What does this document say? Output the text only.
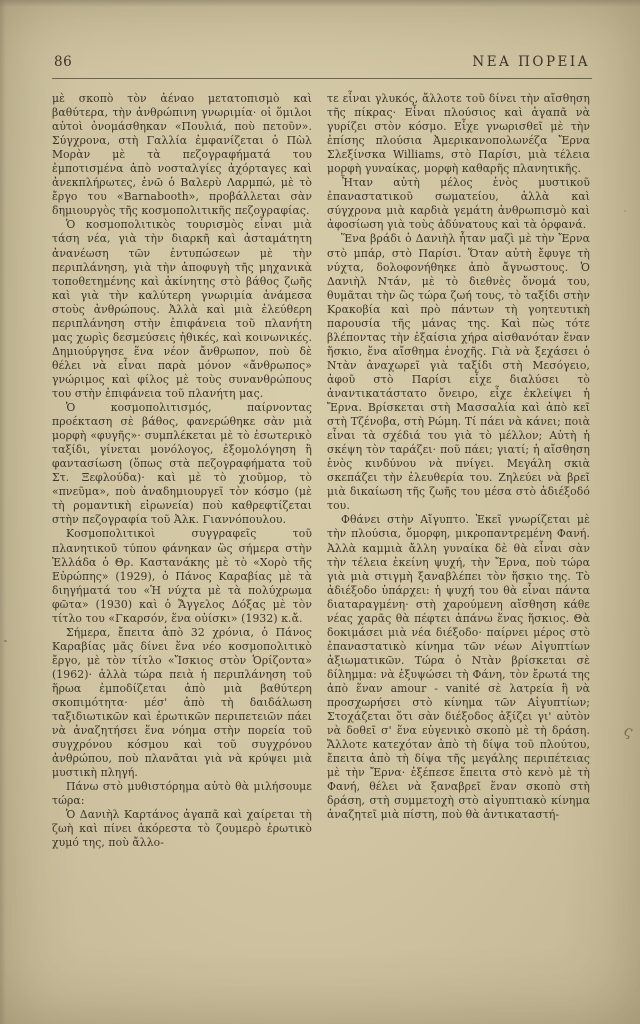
86	ΝΕΑ ΠΟΡΕΙΑ

μὲ σκοπὸ τὸν ἀέναο μετατοπισμὸ καὶ βαθύτερα, τὴν ἀνθρώπινη γνωριμία· οἱ ὅμιλοι αὐτοὶ ὀνομάσθηκαν «Πουλιά, ποὺ πετοῦν». Σύγχρονα, στὴ Γαλλία ἐμφανίζεται ὁ Πὼλ Μορὰν μὲ τὰ πεζογραφήματά του ἐμποτισμένα ἀπὸ νοσταλγίες ἀχόρταγες καὶ ἀνεκπλήρωτες, ἐνῶ ὁ Βαλερὺ Λαρμπώ, μὲ τὸ ἔργο του «Barnabooth», προβάλλεται σὰν δημιουργὸς τῆς κοσμοπολιτικῆς πεζογραφίας.

Ὁ κοσμοπολιτικὸς τουρισμὸς εἶναι μιὰ τάση νέα, γιὰ τὴν διαρκῆ καὶ ἀσταμάτητη ἀνανέωση τῶν ἐντυπώσεων μὲ τὴν περιπλάνηση, γιὰ τὴν ἀποφυγὴ τῆς μηχανικὰ τοποθετημένης καὶ ἀκίνητης στὸ βάθος ζωῆς καὶ γιὰ τὴν καλύτερη γνωριμία ἀνάμεσα στοὺς ἀνθρώπους. Ἀλλὰ καὶ μιὰ ἐλεύθερη περιπλάνηση στὴν ἐπιφάνεια τοῦ πλανήτη μας χωρὶς δεσμεύσεις ἠθικές, καὶ κοινωνικές. Δημιούργησε ἕνα νέον ἄνθρωπον, ποὺ δὲ θέλει νὰ εἶναι παρὰ μόνον «ἄνθρωπος» γνώριμος καὶ φίλος μὲ τοὺς συνανθρώπους του στὴν ἐπιφάνεια τοῦ πλανήτη μας.

Ὁ κοσμοπολιτισμός, παίρνοντας προέκταση σὲ βάθος, φανερώθηκε σὰν μιὰ μορφὴ «φυγῆς»· συμπλέκεται μὲ τὸ ἐσωτερικὸ ταξίδι, γίνεται μονόλογος, ἐξομολόγηση ἢ φαντασίωση (ὅπως στὰ πεζογραφήματα τοῦ Στ. Ξεφλούδα)· καὶ μὲ τὸ χιοῦμορ, τὸ «πνεῦμα», ποὺ ἀναδημιουργεῖ τὸν κόσμο (μὲ τὴ ρομαντικὴ εἰρωνεία) ποὺ καθρεφτίζεται στὴν πεζογραφία τοῦ Ἀλκ. Γιαννόπουλου.

Κοσμοπολιτικοὶ συγγραφεῖς τοῦ πλανητικοῦ τύπου φάνηκαν ὣς σήμερα στὴν Ἑλλάδα ὁ Θρ. Καστανάκης μὲ τὸ «Χορὸ τῆς Εὐρώπης» (1929), ὁ Πάνος Καραβίας μὲ τὰ διηγήματά του «Ἡ νύχτα μὲ τὰ πολύχρωμα φῶτα» (1930) καὶ ὁ Ἄγγελος Δόξας μὲ τὸν τίτλο του «Γκαρσόν, ἕνα οὐίσκι» (1932) κ.ἄ.

Σήμερα, ἔπειτα ἀπὸ 32 χρόνια, ὁ Πάνος Καραβίας μᾶς δίνει ἕνα νέο κοσμοπολιτικὸ ἔργο, μὲ τὸν τίτλο «Ἴσκιος στὸν Ὁρίζοντα» (1962)· ἀλλὰ τώρα πειὰ ἡ περιπλάνηση τοῦ ἥρωα ἐμποδίζεται ἀπὸ μιὰ βαθύτερη σκοπιμότητα· μέσ' ἀπὸ τὴ δαιδάλωση ταξιδιωτικῶν καὶ ἐρωτικῶν περιπετειῶν πάει νὰ ἀναζητήσει ἕνα νόημα στὴν πορεία τοῦ συγχρόνου κόσμου καὶ τοῦ συγχρόνου ἀνθρώπου, ποὺ πλανᾶται γιὰ νὰ κρύψει μιὰ μυστικὴ πληγή.

Πάνω στὸ μυθιστόρημα αὐτὸ θὰ μιλήσουμε τώρα:

Ὁ Δανιὴλ Καρτάνος ἀγαπᾶ καὶ χαίρεται τὴ ζωὴ καὶ πίνει ἀκόρεστα τὸ ζουμερὸ ἐρωτικὸ χυμό της, ποὺ ἄλλο-

τε εἶναι γλυκός, ἄλλοτε τοῦ δίνει τὴν αἴσθηση τῆς πίκρας· Εἶναι πλούσιος καὶ ἀγαπᾶ νὰ γυρίζει στὸν κόσμο. Εἶχε γνωρισθεῖ μὲ τὴν ἐπίσης πλούσια Ἀμερικανοπολωνέζα Ἔρνα Σλεξίνσκα Williams, στὸ Παρίσι, μιὰ τέλεια μορφὴ γυναίκας, μορφὴ καθαρῆς πλανητικῆς.

Ἦταν αὐτὴ μέλος ἑνὸς μυστικοῦ ἐπαναστατικοῦ σωματείου, ἀλλὰ καὶ σύγχρονα μιὰ καρδιὰ γεμάτη ἀνθρωπισμὸ καὶ ἀφοσίωση γιὰ τοὺς ἀδύνατους καὶ τὰ ὀρφανά.

Ἕνα βράδι ὁ Δανιὴλ ἦταν μαζὶ μὲ τὴν Ἔρνα στὸ μπάρ, στὸ Παρίσι. Ὅταν αὐτὴ ἔφυγε τὴ νύχτα, δολοφονήθηκε ἀπὸ ἄγνωστους. Ὁ Δανιὴλ Ντάν, μὲ τὸ διεθνὲς ὄνομά του, θυμᾶται τὴν ὣς τώρα ζωή τους, τὸ ταξίδι στὴν Κρακοβία καὶ πρὸ πάντων τὴ γοητευτικὴ παρουσία τῆς μάνας της. Καὶ πὼς τότε βλέποντας τὴν ἐξαίσια χήρα αἰσθανόταν ἕναν ἥσκιο, ἕνα αἴσθημα ἐνοχῆς. Γιὰ νὰ ξεχάσει ὁ Ντὰν ἀναχωρεῖ γιὰ ταξίδι στὴ Μεσόγειο, ἀφοῦ στὸ Παρίσι εἶχε διαλύσει τὸ ἀναντικατάστατο ὄνειρο, εἶχε ἐκλείψει ἡ Ἔρνα. Βρίσκεται στὴ Μασσαλία καὶ ἀπὸ κεῖ στὴ Τζένοβα, στὴ Ρώμη. Τί πάει νὰ κάνει; ποιὰ εἶναι τὰ σχέδιά του γιὰ τὸ μέλλον; Αὐτὴ ἡ σκέψη τὸν ταράζει· ποῦ πάει; γιατί; ἡ αἴσθηση ἑνὸς κινδύνου νὰ πνίγει. Μεγάλη σκιὰ σκεπάζει τὴν ἐλευθερία του. Ζηλεύει νὰ βρεῖ μιὰ δικαίωση τῆς ζωῆς του μέσα στὸ ἀδιέξοδό του.

Φθάνει στὴν Αἴγυπτο. Ἐκεῖ γνωρίζεται μὲ τὴν πλούσια, ὄμορφη, μικροπαντρεμένη Φανή. Ἀλλὰ καμμιὰ ἄλλη γυναίκα δὲ θὰ εἶναι σὰν τὴν τέλεια ἐκείνη ψυχή, τὴν Ἔρνα, ποὺ τώρα γιὰ μιὰ στιγμὴ ξαναβλέπει τὸν ἥσκιο της. Τὸ ἀδιέξοδο ὑπάρχει: ἡ ψυχή του θὰ εἶναι πάντα διαταραγμένη· στὴ χαρούμενη αἴσθηση κάθε νέας χαρᾶς θὰ πέφτει ἀπάνω ἕνας ἥσκιος. Θὰ δοκιμάσει μιὰ νέα διέξοδο· παίρνει μέρος στὸ ἐπαναστατικὸ κίνημα τῶν νέων Αἰγυπτίων ἀξιωματικῶν. Τώρα ὁ Ντὰν βρίσκεται σὲ δίλημμα: νὰ ἐξυψώσει τὴ Φάνη, τὸν ἔρωτά της ἀπὸ ἕναν amour - vanité σὲ λατρεία ἢ νὰ προσχωρήσει στὸ κίνημα τῶν Αἰγυπτίων; Στοχάζεται ὅτι σὰν διέξοδος ἀξίζει γι' αὐτὸν νὰ δοθεῖ σ' ἕνα εὐγενικὸ σκοπὸ μὲ τὴ δράση. Ἄλλοτε κατεχόταν ἀπὸ τὴ δίψα τοῦ πλούτου, ἔπειτα ἀπὸ τὴ δίψα τῆς μεγάλης περιπέτειας μὲ τὴν Ἔρνα· ἐξέπεσε ἔπειτα στὸ κενὸ μὲ τὴ Φανή, θέλει νὰ ξαναβρεῖ ἕναν σκοπὸ στὴ δράση, στὴ συμμετοχὴ στὸ αἰγυπτιακὸ κίνημα ἀναζητεῖ μιὰ πίστη, ποὺ θὰ ἀντικαταστή-

ς
